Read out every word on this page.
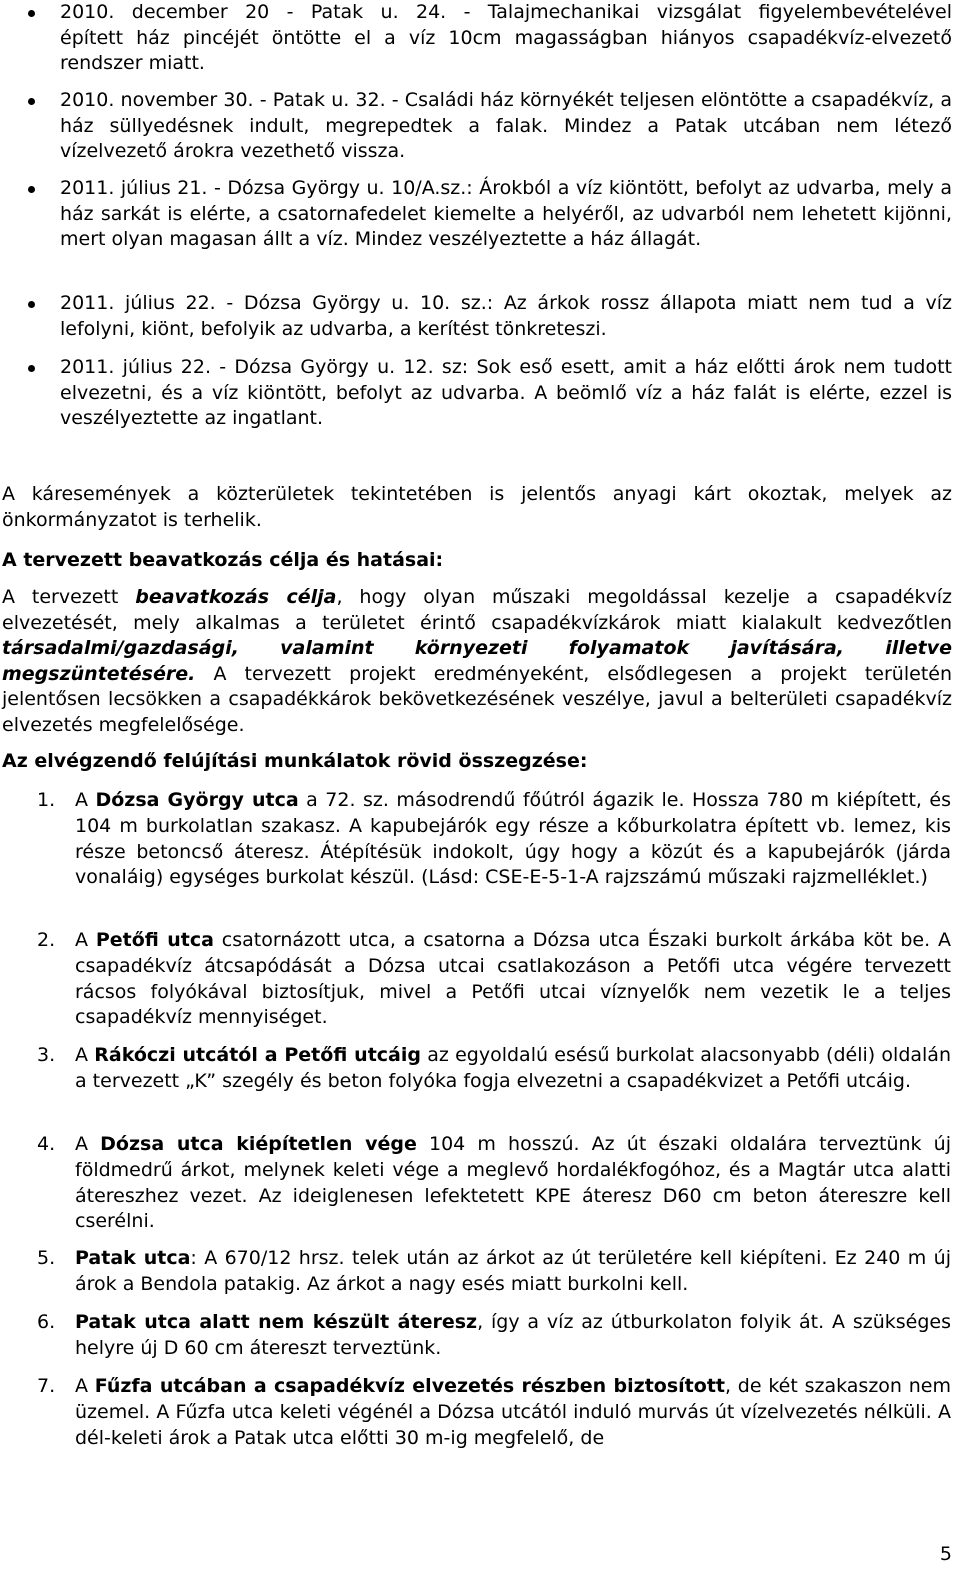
2010. december 20 - Patak u. 24. - Talajmechanikai vizsgálat figyelembevételével
épített ház pincéjét öntötte el a víz 10cm magasságban hiányos csapadékvíz-elvezető rendszer miatt.
2010. november 30. - Patak u. 32. - Családi ház környékét teljesen elöntötte a csapadékvíz, a ház süllyedésnek indult, megrepedtek a falak. Mindez a Patak utcában nem létező vízelvezető árokra vezethető vissza.
2011. július 21. - Dózsa György u. 10/A.sz.: Árokból a víz kiöntött, befolyt az udvarba, mely a ház sarkát is elérte, a csatornafedelet kiemelte a helyéről, az udvarból nem lehetett kijönni, mert olyan magasan állt a víz. Mindez veszélyeztette a ház állagát.
2011. július 22. - Dózsa György u. 10. sz.: Az árkok rossz állapota miatt nem tud a víz lefolyni, kiönt, befolyik az udvarba, a kerítést tönkreteszi.
2011. július 22. - Dózsa György u. 12. sz: Sok eső esett, amit a ház előtti árok nem tudott elvezetni, és a víz kiöntött, befolyt az udvarba. A beömlő víz a ház falát is elérte, ezzel is veszélyeztette az ingatlant.
A káresemények a közterületek tekintetében is jelentős anyagi kárt okoztak, melyek az önkormányzatot is terhelik.
A tervezett beavatkozás célja és hatásai:
A tervezett beavatkozás célja, hogy olyan műszaki megoldással kezelje a csapadékvíz elvezetését, mely alkalmas a területet érintő csapadékvízkárok miatt kialakult kedvezőtlen társadalmi/gazdasági, valamint környezeti folyamatok javítására, illetve megszüntetésére. A tervezett projekt eredményeként, elsődlegesen a projekt területén jelentősen lecsökken a csapadékkárok bekövetkezésének veszélye, javul a belterületi csapadékvíz elvezetés megfelelősége.
Az elvégzendő felújítási munkálatok rövid összegzése:
1. A Dózsa György utca a 72. sz. másodrendű főútról ágazik le. Hossza 780 m kiépített, és 104 m burkolatlan szakasz. A kapubejárók egy része a kőburkolatra épített vb. lemez, kis része betoncső áteresz. Átépítésük indokolt, úgy hogy a közút és a kapubejárók (járda vonaláig) egységes burkolat készül. (Lásd: CSE-E-5-1-A rajzszámú műszaki rajzmelléklet.)
2. A Petőfi utca csatornázott utca, a csatorna a Dózsa utca Északi burkolt árkába köt be. A csapadékvíz átcsapódását a Dózsa utcai csatlakozáson a Petőfi utca végére tervezett rácsos folyókával biztosítjuk, mivel a Petőfi utcai víznyelők nem vezetik le a teljes csapadékvíz mennyiséget.
3. A Rákóczi utcától a Petőfi utcáig az egyoldalú esésű burkolat alacsonyabb (déli) oldalán a tervezett „K” szegély és beton folyóka fogja elvezetni a csapadékvizet a Petőfi utcáig.
4. A Dózsa utca kiépítetlen vége 104 m hosszú. Az út északi oldalára terveztünk új földmedrű árkot, melynek keleti vége a meglevő hordalékfogóhoz, és a Magtár utca alatti átereszhez vezet. Az ideiglenesen lefektetett KPE áteresz D60 cm beton átereszre kell cserélni.
5. Patak utca: A 670/12 hrsz. telek után az árkot az út területére kell kiépíteni. Ez 240 m új árok a Bendola patakig. Az árkot a nagy esés miatt burkolni kell.
6. Patak utca alatt nem készült áteresz, így a víz az útburkolaton folyik át. A szükséges helyre új D 60 cm átereszt terveztünk.
7. A Fűzfa utcában a csapadékvíz elvezetés részben biztosított, de két szakaszon nem üzemel. A Fűzfa utca keleti végénél a Dózsa utcától induló murvás út vízelvezetés nélküli. A dél-keleti árok a Patak utca előtti 30 m-ig megfelelő, de
5
